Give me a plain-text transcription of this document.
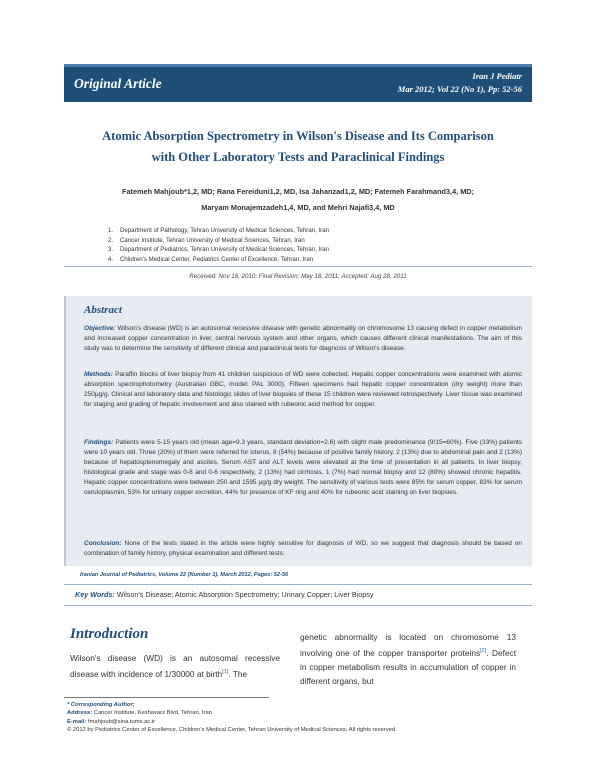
Original Article	Iran J Pediatr
Mar 2012; Vol 22 (No 1), Pp: 52-56
Atomic Absorption Spectrometry in Wilson's Disease and Its Comparison
with Other Laboratory Tests and Paraclinical Findings
Fatemeh Mahjoub*1,2, MD; Rana Fereiduni1,2, MD, Isa Jahanzad1,2, MD; Fatemeh Farahmand3,4, MD;
Maryam Monajemzadeh1,4, MD, and Mehri Najafi3,4, MD
1.	Department of Pathology, Tehran University of Medical Sciences, Tehran, Iran
2.	Cancer Institute, Tehran University of Medical Sciences, Tehran, Iran
3.	Department of Pediatrics, Tehran University of Medical Sciences, Tehran, Iran
4.	Children's Medical Center, Pediatrics Center of Excellence, Tehran, Iran
Received: Nov 18, 2010; Final Revision: May 18, 2011; Accepted: Aug 28, 2011
Abstract
Objective: Wilson's disease (WD) is an autosomal recessive disease with genetic abnormality on chromosome 13 causing defect in copper metabolism and increased copper concentration in liver, central nervous system and other organs, which causes different clinical manifestations. The aim of this study was to determine the sensitivity of different clinical and paraclinical tests for diagnosis of Wilson's disease.
Methods: Paraffin blocks of liver biopsy from 41 children suspicious of WD were collected. Hepatic copper concentrations were examined with atomic absorption spectrophotometry (Australian GBC, model: PAL 3000). Fifteen specimens had hepatic copper concentration (dry weight) more than 250μg/g. Clinical and laboratory data and histologic slides of liver biopsies of these 15 children were reviewed retrospectively. Liver tissue was examined for staging and grading of hepatic involvement and also stained with rubeonic acid method for copper.
Findings: Patients were 5-15 years old (mean age=9.3 years, standard deviation=2.6) with slight male predominance (9/15=60%). Five (33%) patients were 10 years old. Three (20%) of them were referred for icterus, 8 (54%) because of positive family history, 2 (13%) due to abdominal pain and 2 (13%) because of hepatosplenomegaly and ascites. Serum AST and ALT levels were elevated at the time of presentation in all patients. In liver biopsy, histological grade and stage was 0-8 and 0-6 respectively, 2 (13%) had cirrhosis, 1 (7%) had normal biopsy and 12 (80%) showed chronic hepatitis. Hepatic copper concentrations were between 250 and 1595 μg/g dry weight. The sensitivity of various tests were 85% for serum copper, 83% for serum ceruloplasmin, 53% for urinary copper excretion, 44% for presence of KF ring and 40% for rubeonic acid staining on liver biopsies.
Conclusion: None of the tests stated in the article were highly sensitive for diagnosis of WD, so we suggest that diagnosis should be based on combination of family history, physical examination and different tests.
Iranian Journal of Pediatrics, Volume 22 (Number 1), March 2012, Pages: 52-56
Key Words: Wilson's Disease; Atomic Absorption Spectrometry; Urinary Copper; Liver Biopsy
Introduction
Wilson's disease (WD) is an autosomal recessive disease with incidence of 1/30000 at birth[1]. The
genetic abnormality is located on chromosome 13 involving one of the copper transporter proteins[2]. Defect in copper metabolism results in accumulation of copper in different organs, but
* Corresponding Author;
Address: Cancer Institute, Keshavarz Blvd, Tehran, Iran
E-mail: fmahjoub@sina.tums.ac.ir
© 2012 by Pediatrics Center of Excellence, Children's Medical Center, Tehran University of Medical Sciences, All rights reserved.
